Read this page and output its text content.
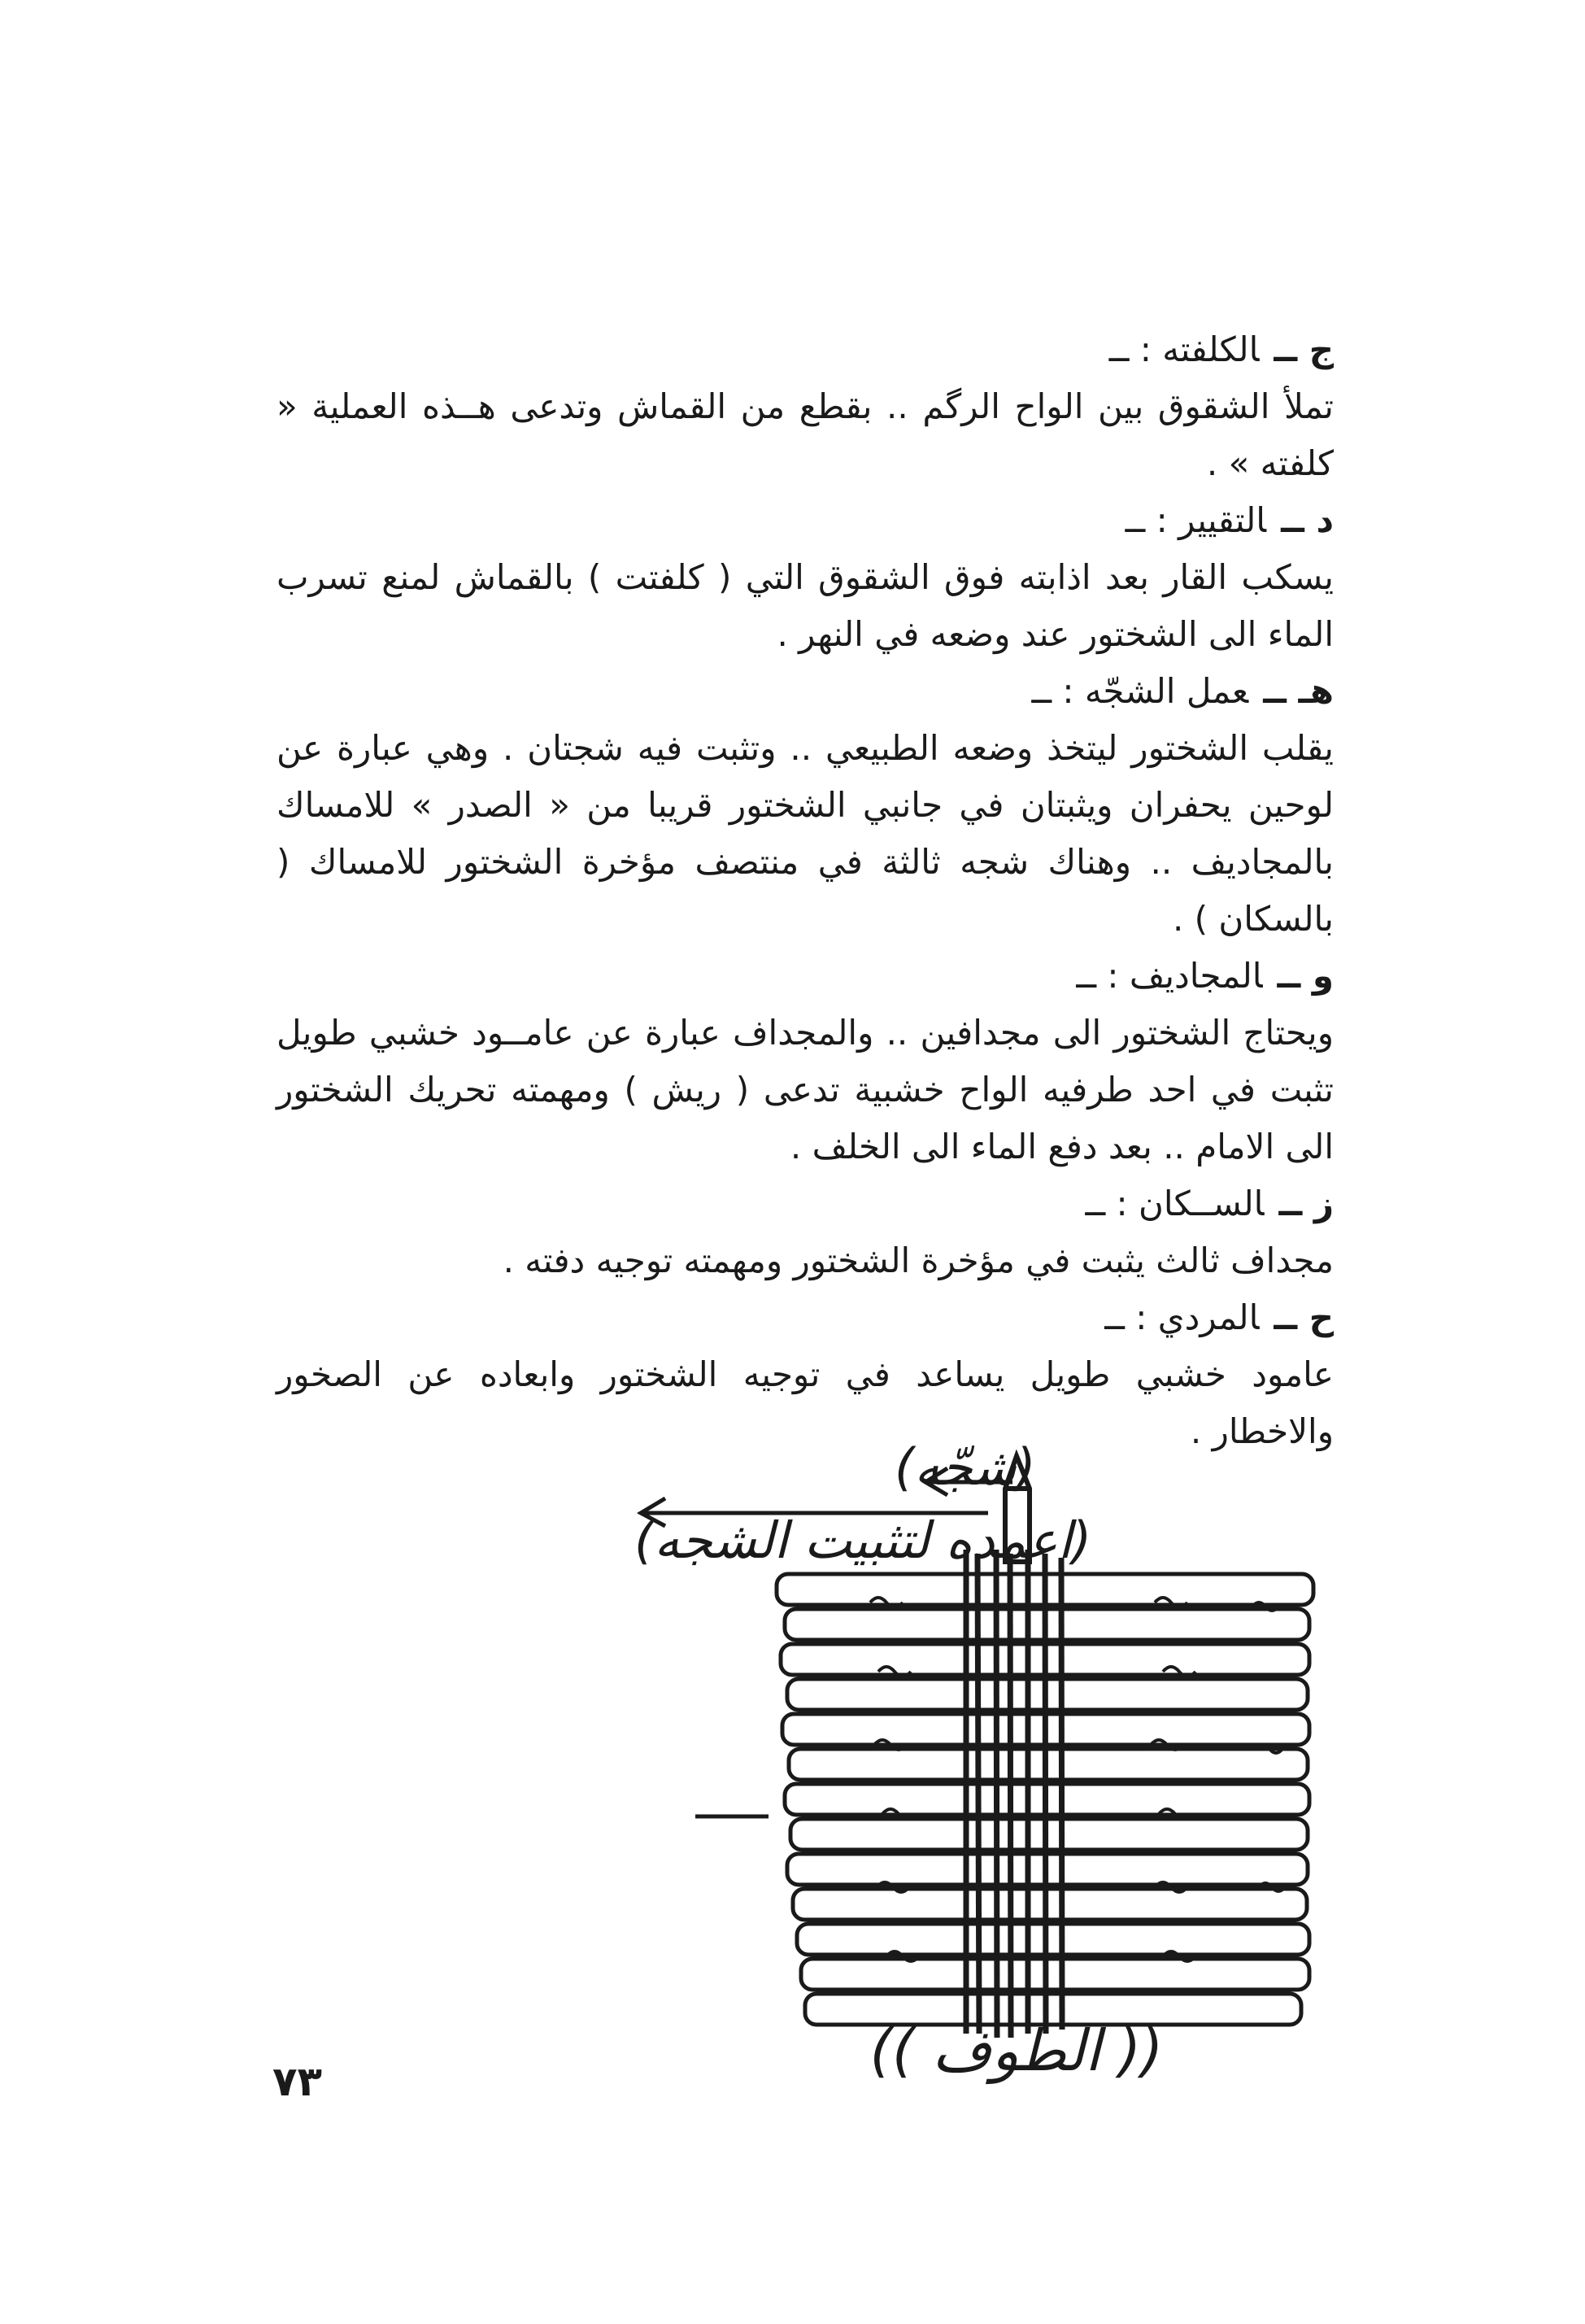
ج ــالكلفته : ــ
تملأ الشقوق بين الواح الرگم .. بقطع من القماش وتدعى هــذه العملية « كلفته » .
د ــالتقيير : ــ
يسكب القار بعد اذابته فوق الشقوق التي ( كلفتت ) بالقماش لمنع تسرب الماء الى الشختور عند وضعه في النهر .
هـ ــعمل الشجّه : ــ
يقلب الشختور ليتخذ وضعه الطبيعي .. وتثبت فيه شجتان . وهي عبارة عن لوحين يحفران ويثبتان في جانبي الشختور قريبا من « الصدر » للامساك بالمجاديف .. وهناك شجه ثالثة في منتصف مؤخرة الشختور للامساك ( بالسكان ) .
و ــالمجاديف : ــ
ويحتاج الشختور الى مجدافين .. والمجداف عبارة عن عامــود خشبي طويل تثبت في احد طرفيه الواح خشبية تدعى ( ريش ) ومهمته تحريك الشختور الى الامام .. بعد دفع الماء الى الخلف .
ز ــالســكان : ــ
مجداف ثالث يثبت في مؤخرة الشختور ومهمته توجيه دفته .
ح ــالمردي : ــ
عامود خشبي طويل يساعد في توجيه الشختور وابعاده عن الصخور والاخطار .
(شجّه)
(اعمده لتثبيت الشجه)
(( الطوف ))
٧٣
